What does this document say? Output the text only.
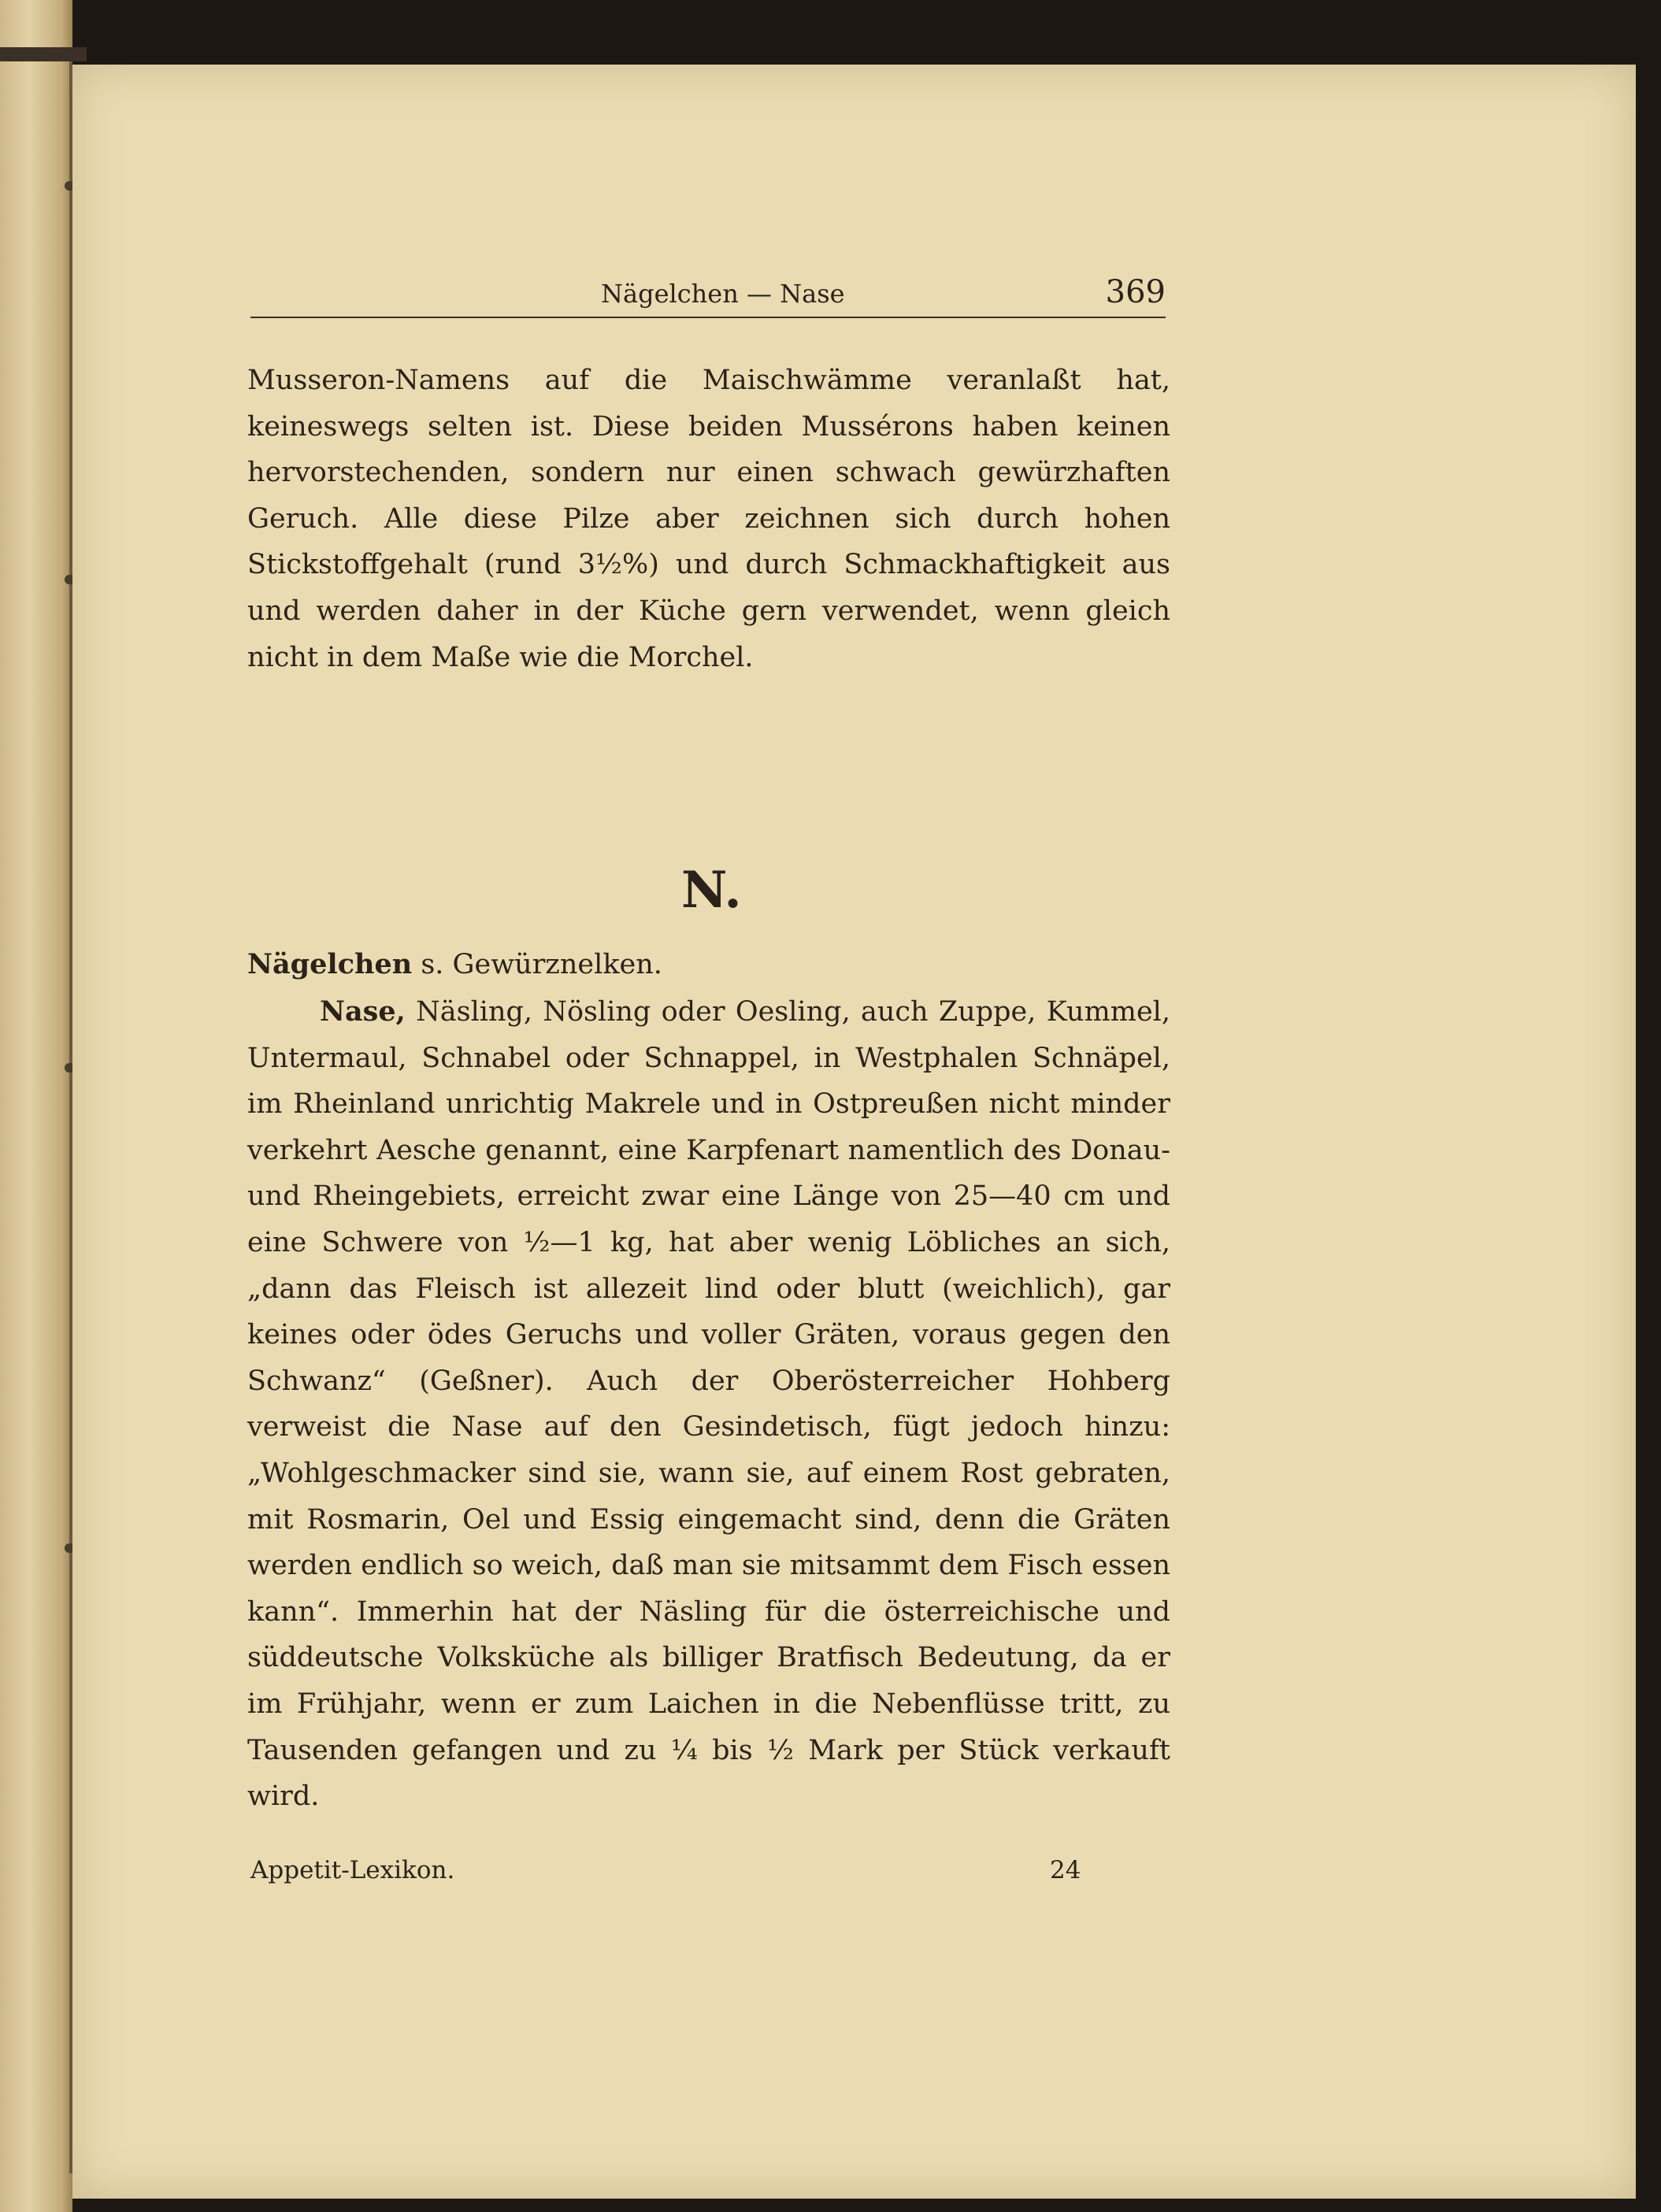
Nägelchen — Nase	369

Musseron-Namens auf die Maischwämme veranlaßt hat, keineswegs selten ist. Diese beiden Mussérons haben keinen hervorstechenden, sondern nur einen schwach gewürzhaften Geruch. Alle diese Pilze aber zeichnen sich durch hohen Stickstoffgehalt (rund 3½%) und durch Schmackhaftigkeit aus und werden daher in der Küche gern verwendet, wenn gleich nicht in dem Maße wie die Morchel.

N.

Nägelchen s. Gewürznelken.

Nase, Näsling, Nösling oder Oesling, auch Zuppe, Kummel, Untermaul, Schnabel oder Schnappel, in Westphalen Schnäpel, im Rheinland unrichtig Makrele und in Ostpreußen nicht minder verkehrt Aesche genannt, eine Karpfenart namentlich des Donau- und Rheingebiets, erreicht zwar eine Länge von 25—40 cm und eine Schwere von ½—1 kg, hat aber wenig Löbliches an sich, „dann das Fleisch ist allezeit lind oder blutt (weichlich), gar keines oder ödes Geruchs und voller Gräten, voraus gegen den Schwanz“ (Geßner). Auch der Oberösterreicher Hohberg verweist die Nase auf den Gesindetisch, fügt jedoch hinzu: „Wohlgeschmacker sind sie, wann sie, auf einem Rost gebraten, mit Rosmarin, Oel und Essig eingemacht sind, denn die Gräten werden endlich so weich, daß man sie mitsammt dem Fisch essen kann“. Immerhin hat der Näsling für die österreichische und süddeutsche Volksküche als billiger Bratfisch Bedeutung, da er im Frühjahr, wenn er zum Laichen in die Nebenflüsse tritt, zu Tausenden gefangen und zu ¼ bis ½ Mark per Stück verkauft wird.

Appetit-Lexikon.	24
